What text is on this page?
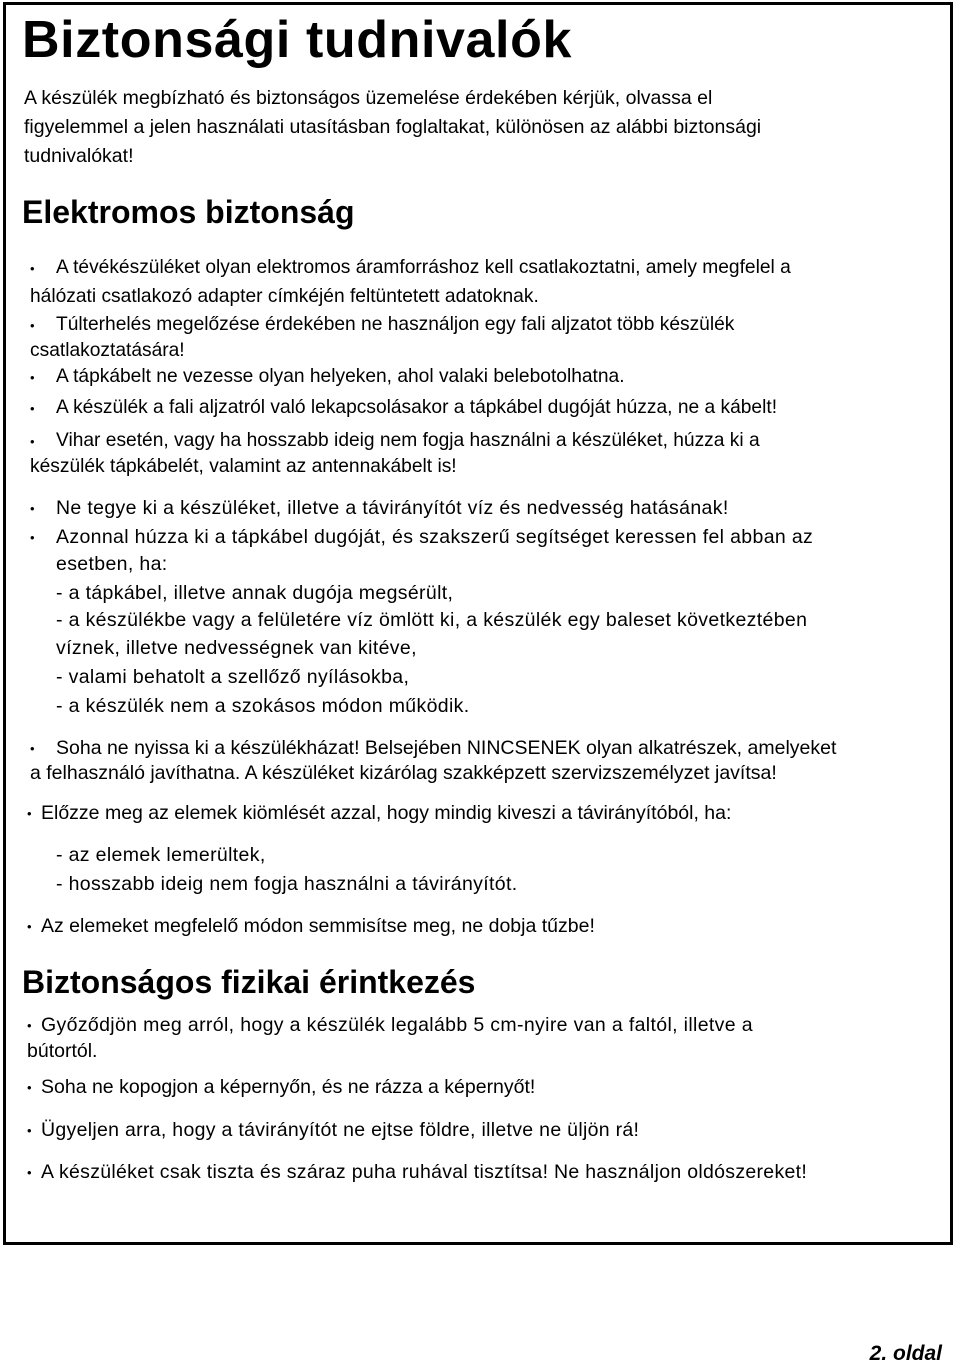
Biztonsági tudnivalók

A készülék megbízható és biztonságos üzemelése érdekében kérjük, olvassa el

figyelemmel a jelen használati utasításban foglaltakat, különösen az alábbi biztonsági

tudnivalókat!

Elektromos biztonság
• A tévékészüléket olyan elektromos áramforráshoz kell csatlakoztatni, amely megfelel a

hálózati csatlakozó adapter címkéjén feltüntetett adatoknak.

• Túlterhelés megelőzése érdekében ne használjon egy fali aljzatot több készülék

csatlakoztatására!

• A tápkábelt ne vezesse olyan helyeken, ahol valaki belebotolhatna.

• A készülék a fali aljzatról való lekapcsolásakor a tápkábel dugóját húzza, ne a kábelt!

• Vihar esetén, vagy ha hosszabb ideig nem fogja használni a készüléket, húzza ki a

készülék tápkábelét, valamint az antennakábelt is!

• Ne tegye ki a készüléket, illetve a távirányítót víz és nedvesség hatásának!

• Azonnal húzza ki a tápkábel dugóját, és szakszerű segítséget keressen fel abban az

esetben, ha:

- a tápkábel, illetve annak dugója megsérült,

- a készülékbe vagy a felületére víz ömlött ki, a készülék egy baleset következtében

víznek, illetve nedvességnek van kitéve,

- valami behatolt a szellőző nyílásokba,

- a készülék nem a szokásos módon működik.

• Soha ne nyissa ki a készülékházat! Belsejében NINCSENEK olyan alkatrészek, amelyeket

a felhasználó javíthatna. A készüléket kizárólag szakképzett szervizszemélyzet javítsa!

• Előzze meg az elemek kiömlését azzal, hogy mindig kiveszi a távirányítóból, ha:

- az elemek lemerültek,

- hosszabb ideig nem fogja használni a távirányítót.

• Az elemeket megfelelő módon semmisítse meg, ne dobja tűzbe!

Biztonságos fizikai érintkezés
• Győződjön meg arról, hogy a készülék legalább 5 cm-nyire van a faltól, illetve a

bútortól.

• Soha ne kopogjon a képernyőn, és ne rázza a képernyőt!

• Ügyeljen arra, hogy a távirányítót ne ejtse földre, illetve ne üljön rá!

• A készüléket csak tiszta és száraz puha ruhával tisztítsa! Ne használjon oldószereket!

2. oldal
